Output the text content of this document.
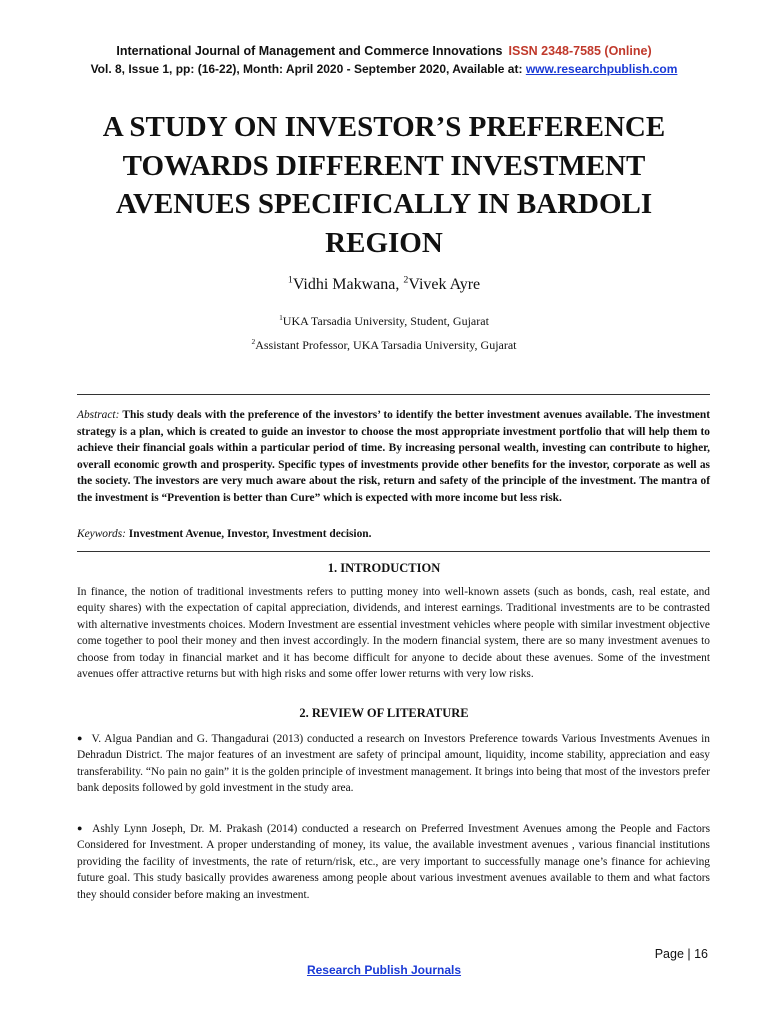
International Journal of Management and Commerce Innovations ISSN 2348-7585 (Online)
Vol. 8, Issue 1, pp: (16-22), Month: April 2020 - September 2020, Available at: www.researchpublish.com
A STUDY ON INVESTOR’S PREFERENCE TOWARDS DIFFERENT INVESTMENT AVENUES SPECIFICALLY IN BARDOLI REGION
$^1$Vidhi Makwana, $^2$Vivek Ayre
$^1$UKA Tarsadia University, Student, Gujarat
$^2$Assistant Professor, UKA Tarsadia University, Gujarat
Abstract: This study deals with the preference of the investors’ to identify the better investment avenues available. The investment strategy is a plan, which is created to guide an investor to choose the most appropriate investment portfolio that will help them to achieve their financial goals within a particular period of time. By increasing personal wealth, investing can contribute to higher, overall economic growth and prosperity. Specific types of investments provide other benefits for the investor, corporate as well as the society. The investors are very much aware about the risk, return and safety of the principle of the investment. The mantra of the investment is “Prevention is better than Cure” which is expected with more income but less risk.
Keywords: Investment Avenue, Investor, Investment decision.
1. INTRODUCTION
In finance, the notion of traditional investments refers to putting money into well-known assets (such as bonds, cash, real estate, and equity shares) with the expectation of capital appreciation, dividends, and interest earnings. Traditional investments are to be contrasted with alternative investments choices. Modern Investment are essential investment vehicles where people with similar investment objective come together to pool their money and then invest accordingly. In the modern financial system, there are so many investment avenues to choose from today in financial market and it has become difficult for anyone to decide about these avenues. Some of the investment avenues offer attractive returns but with high risks and some offer lower returns with very low risks.
2. REVIEW OF LITERATURE
● V. Algua Pandian and G. Thangadurai (2013) conducted a research on Investors Preference towards Various Investments Avenues in Dehradun District. The major features of an investment are safety of principal amount, liquidity, income stability, appreciation and easy transferability. “No pain no gain” it is the golden principle of investment management. It brings into being that most of the investors prefer bank deposits followed by gold investment in the study area.
● Ashly Lynn Joseph, Dr. M. Prakash (2014) conducted a research on Preferred Investment Avenues among the People and Factors Considered for Investment. A proper understanding of money, its value, the available investment avenues , various financial institutions providing the facility of investments, the rate of return/risk, etc., are very important to successfully manage one’s finance for achieving future goal. This study basically provides awareness among people about various investment avenues available to them and what factors they should consider before making an investment.
Page | 16
Research Publish Journals
